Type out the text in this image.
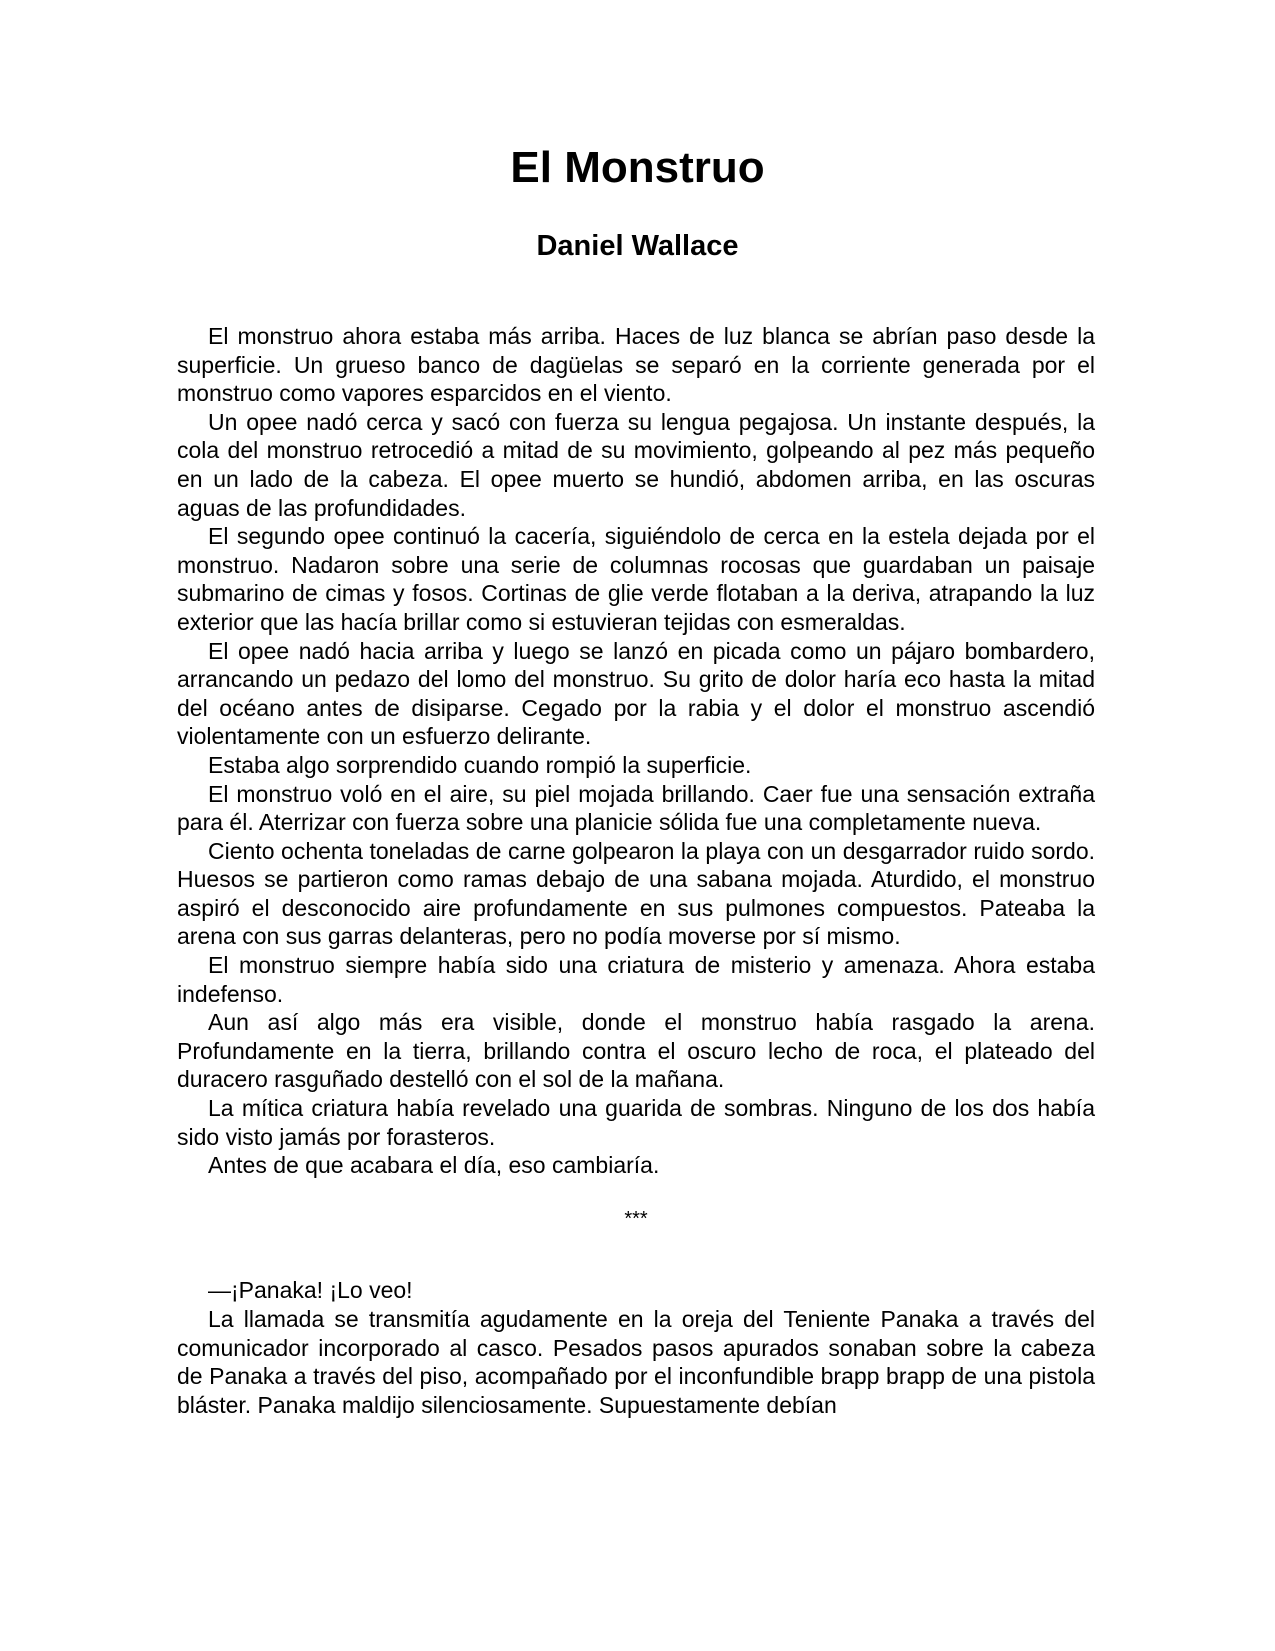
El Monstruo
Daniel Wallace

El monstruo ahora estaba más arriba. Haces de luz blanca se abrían paso desde la superficie. Un grueso banco de dagüelas se separó en la corriente generada por el monstruo como vapores esparcidos en el viento.

Un opee nadó cerca y sacó con fuerza su lengua pegajosa. Un instante después, la cola del monstruo retrocedió a mitad de su movimiento, golpeando al pez más pequeño en un lado de la cabeza. El opee muerto se hundió, abdomen arriba, en las oscuras aguas de las profundidades.

El segundo opee continuó la cacería, siguiéndolo de cerca en la estela dejada por el monstruo. Nadaron sobre una serie de columnas rocosas que guardaban un paisaje submarino de cimas y fosos. Cortinas de glie verde flotaban a la deriva, atrapando la luz exterior que las hacía brillar como si estuvieran tejidas con esmeraldas.

El opee nadó hacia arriba y luego se lanzó en picada como un pájaro bombardero, arrancando un pedazo del lomo del monstruo. Su grito de dolor haría eco hasta la mitad del océano antes de disiparse. Cegado por la rabia y el dolor el monstruo ascendió violentamente con un esfuerzo delirante.

Estaba algo sorprendido cuando rompió la superficie.

El monstruo voló en el aire, su piel mojada brillando. Caer fue una sensación extraña para él. Aterrizar con fuerza sobre una planicie sólida fue una completamente nueva.

Ciento ochenta toneladas de carne golpearon la playa con un desgarrador ruido sordo. Huesos se partieron como ramas debajo de una sabana mojada. Aturdido, el monstruo aspiró el desconocido aire profundamente en sus pulmones compuestos. Pateaba la arena con sus garras delanteras, pero no podía moverse por sí mismo.

El monstruo siempre había sido una criatura de misterio y amenaza. Ahora estaba indefenso.

Aun así algo más era visible, donde el monstruo había rasgado la arena. Profundamente en la tierra, brillando contra el oscuro lecho de roca, el plateado del duracero rasguñado destelló con el sol de la mañana.

La mítica criatura había revelado una guarida de sombras. Ninguno de los dos había sido visto jamás por forasteros.

Antes de que acabara el día, eso cambiaría.

***

—¡Panaka! ¡Lo veo!

La llamada se transmitía agudamente en la oreja del Teniente Panaka a través del comunicador incorporado al casco. Pesados pasos apurados sonaban sobre la cabeza de Panaka a través del piso, acompañado por el inconfundible brapp brapp de una pistola bláster. Panaka maldijo silenciosamente. Supuestamente debían
